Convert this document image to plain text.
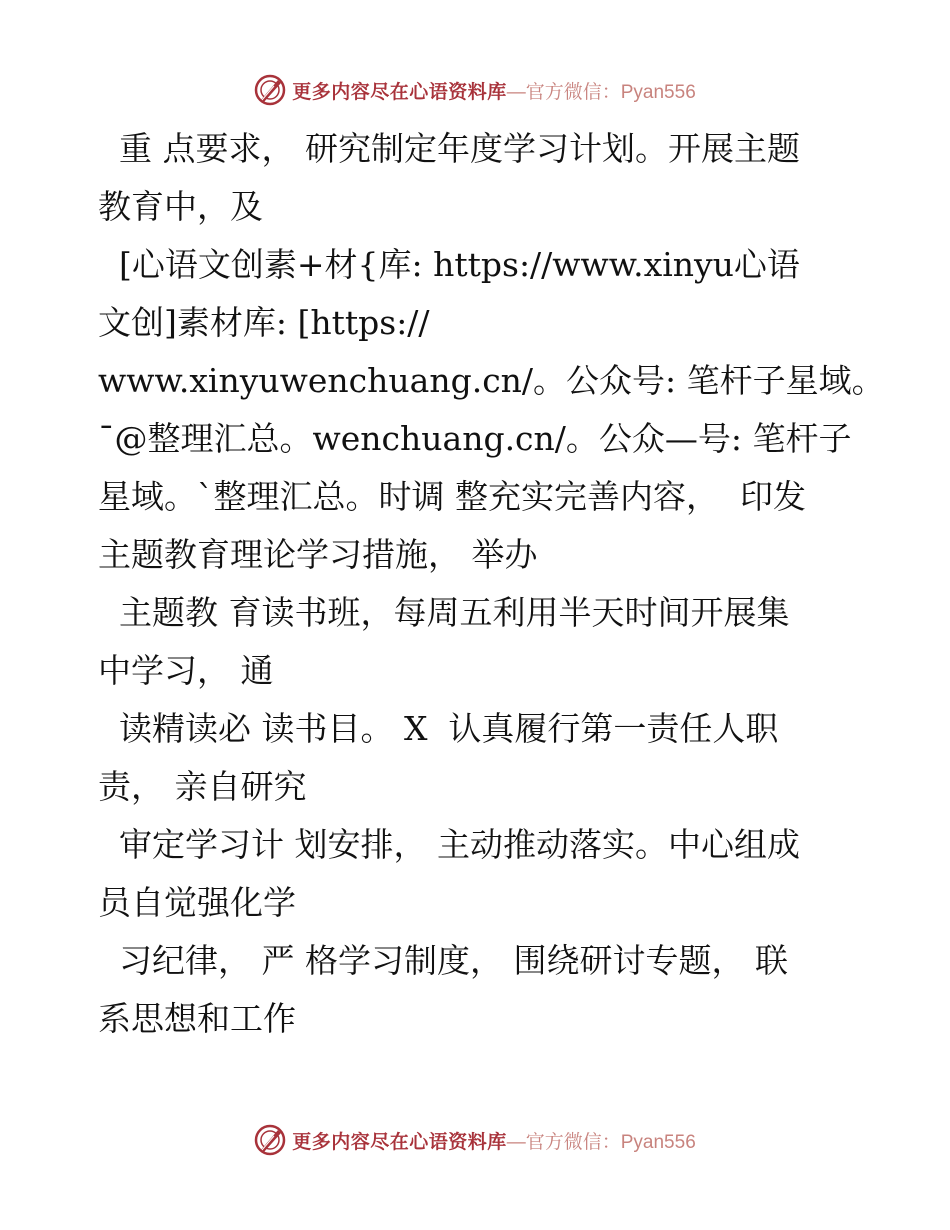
更多内容尽在心语资料库 —官方微信：Pyan556
重 点要求， 研究制定年度学习计划。开展主题
教育中，及
[心语文创素+材{库: https://www.xinyu心语
文创]素材库: [https://
www.xinyuwenchuang.cn/。公众号: 笔杆子星域。
¯@整理汇总。wenchuang.cn/。公众—号: 笔杆子
星域。`整理汇总。时调 整充实完善内容，  印发
主题教育理论学习措施， 举办
主题教 育读书班，每周五利用半天时间开展集
中学习， 通
读精读必 读书目。 X  认真履行第一责任人职
责， 亲自研究
审定学习计 划安排， 主动推动落实。中心组成
员自觉强化学
习纪律， 严 格学习制度， 围绕研讨专题， 联
系思想和工作
更多内容尽在心语资料库 —官方微信：Pyan556
